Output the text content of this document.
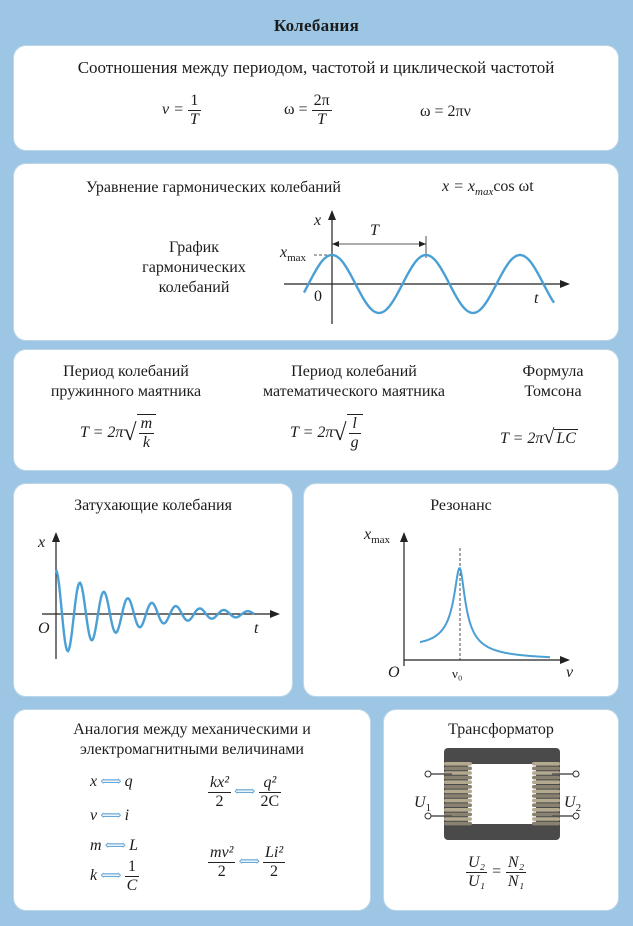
Колебания
Соотношения между периодом, частотой и циклической частотой
$\nu = \frac{1}{T}$	$\omega = \frac{2\pi}{T}$	ω = 2πν
Уравнение гармонических колебаний	$x = x_{max}\cos$ ωt
График гармонических колебаний
x
T
$x_{max}$
0	t
Период колебаний пружинного маятника
Период колебаний математического маятника
Формула Томсона
$T = 2\pi√ \frac{m}{k}$	$T = 2\pi√ \frac{l}{g}$	T = 2π√ LC
Затухающие колебания
x
O	t
Резонанс
$x_{max}$
O	ν₀	ν
Аналогия между механическими и электромагнитными величинами
x ⟺ q
v ⟺ i
m ⟺ L
k ⟺ $\frac{1}{C}$
$\frac{\text{kx²}}{2}$ ⟺ $\frac{\text{q²}}{2C}$
$\frac{\text{mv²}}{2}$ ⟺ $\frac{\text{Li²}}{2}$
Трансформатор
$U_1$	$U_2$
$\frac{\text{U₂}}{\text{U₁}} = \frac{\text{N₂}}{\text{N₁}}$
